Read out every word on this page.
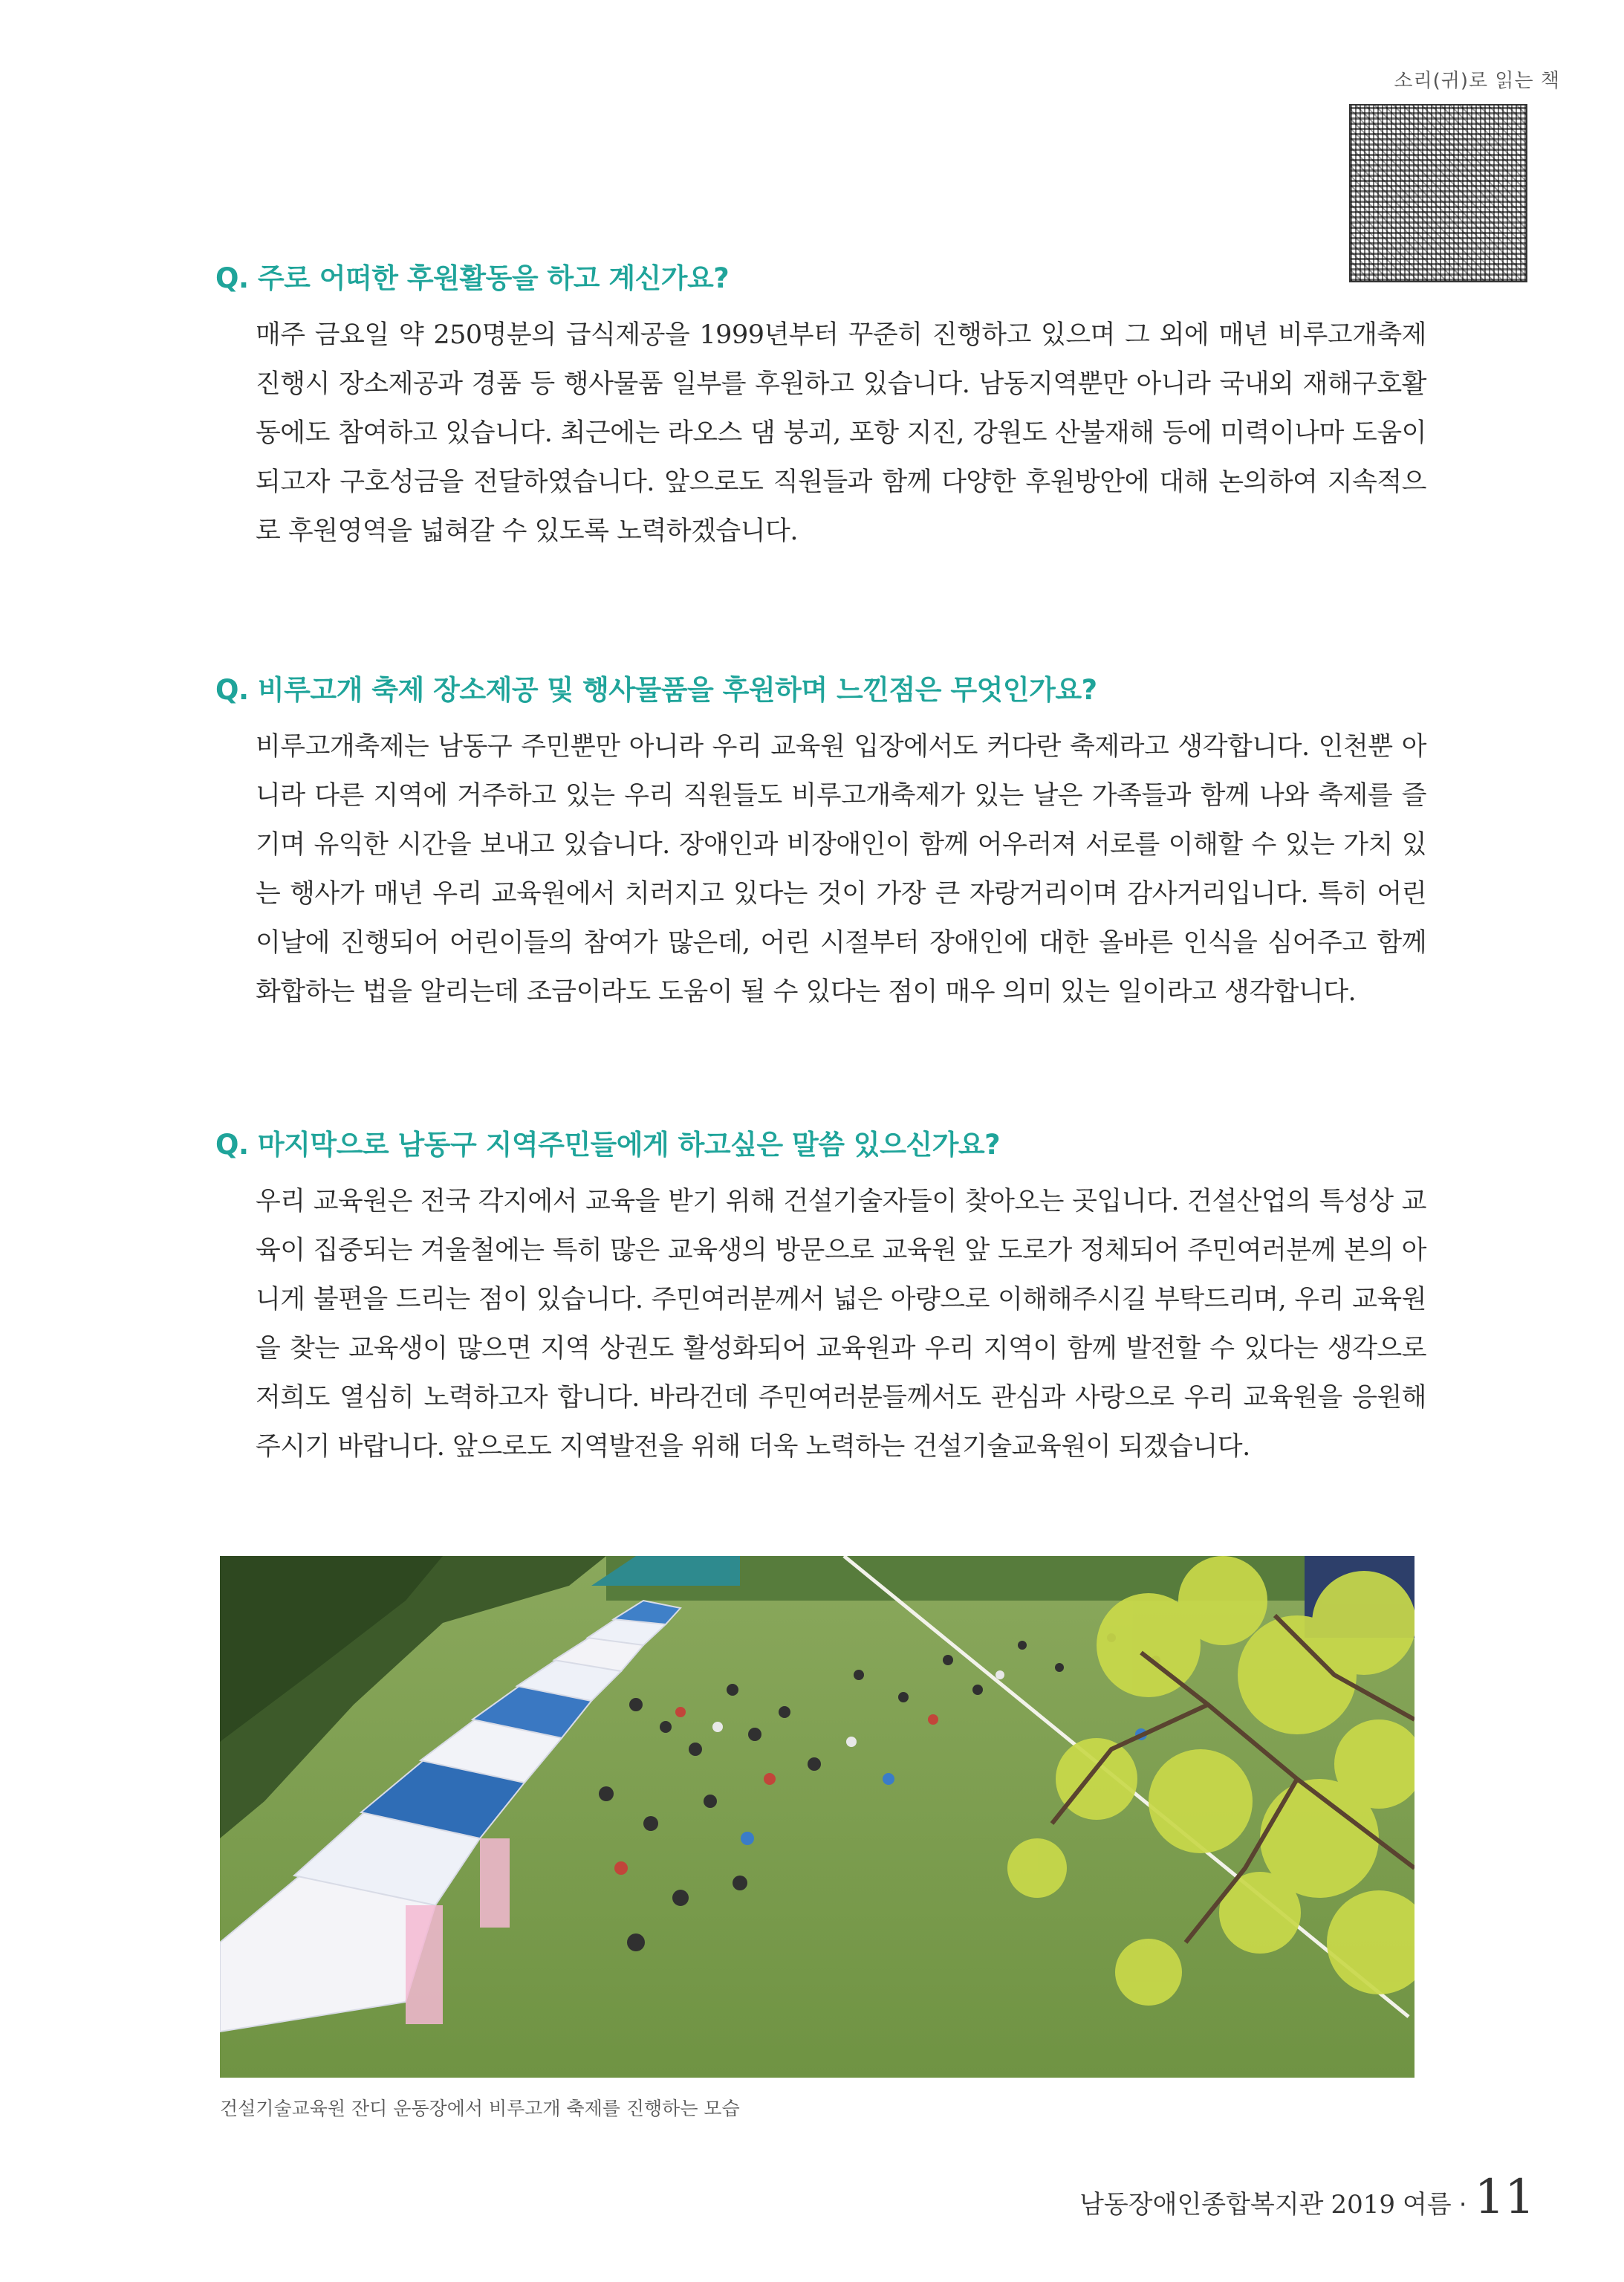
소리(귀)로 읽는 책

Q. 주로 어떠한 후원활동을 하고 계신가요?

매주 금요일 약 250명분의 급식제공을 1999년부터 꾸준히 진행하고 있으며 그 외에 매년 비루고개축제 진행시 장소제공과 경품 등 행사물품 일부를 후원하고 있습니다. 남동지역뿐만 아니라 국내외 재해구호활동에도 참여하고 있습니다. 최근에는 라오스 댐 붕괴, 포항 지진, 강원도 산불재해 등에 미력이나마 도움이 되고자 구호성금을 전달하였습니다. 앞으로도 직원들과 함께 다양한 후원방안에 대해 논의하여 지속적으로 후원영역을 넓혀갈 수 있도록 노력하겠습니다.

Q. 비루고개 축제 장소제공 및 행사물품을 후원하며 느낀점은 무엇인가요?

비루고개축제는 남동구 주민뿐만 아니라 우리 교육원 입장에서도 커다란 축제라고 생각합니다. 인천뿐 아니라 다른 지역에 거주하고 있는 우리 직원들도 비루고개축제가 있는 날은 가족들과 함께 나와 축제를 즐기며 유익한 시간을 보내고 있습니다. 장애인과 비장애인이 함께 어우러져 서로를 이해할 수 있는 가치 있는 행사가 매년 우리 교육원에서 치러지고 있다는 것이 가장 큰 자랑거리이며 감사거리입니다. 특히 어린이날에 진행되어 어린이들의 참여가 많은데, 어린 시절부터 장애인에 대한 올바른 인식을 심어주고 함께 화합하는 법을 알리는데 조금이라도 도움이 될 수 있다는 점이 매우 의미 있는 일이라고 생각합니다.

Q. 마지막으로 남동구 지역주민들에게 하고싶은 말씀 있으신가요?

우리 교육원은 전국 각지에서 교육을 받기 위해 건설기술자들이 찾아오는 곳입니다. 건설산업의 특성상 교육이 집중되는 겨울철에는 특히 많은 교육생의 방문으로 교육원 앞 도로가 정체되어 주민여러분께 본의 아니게 불편을 드리는 점이 있습니다. 주민여러분께서 넓은 아량으로 이해해주시길 부탁드리며, 우리 교육원을 찾는 교육생이 많으면 지역 상권도 활성화되어 교육원과 우리 지역이 함께 발전할 수 있다는 생각으로 저희도 열심히 노력하고자 합니다. 바라건데 주민여러분들께서도 관심과 사랑으로 우리 교육원을 응원해주시기 바랍니다. 앞으로도 지역발전을 위해 더욱 노력하는 건설기술교육원이 되겠습니다.

건설기술교육원 잔디 운동장에서 비루고개 축제를 진행하는 모습
남동장애인종합복지관 2019 여름 · 11
